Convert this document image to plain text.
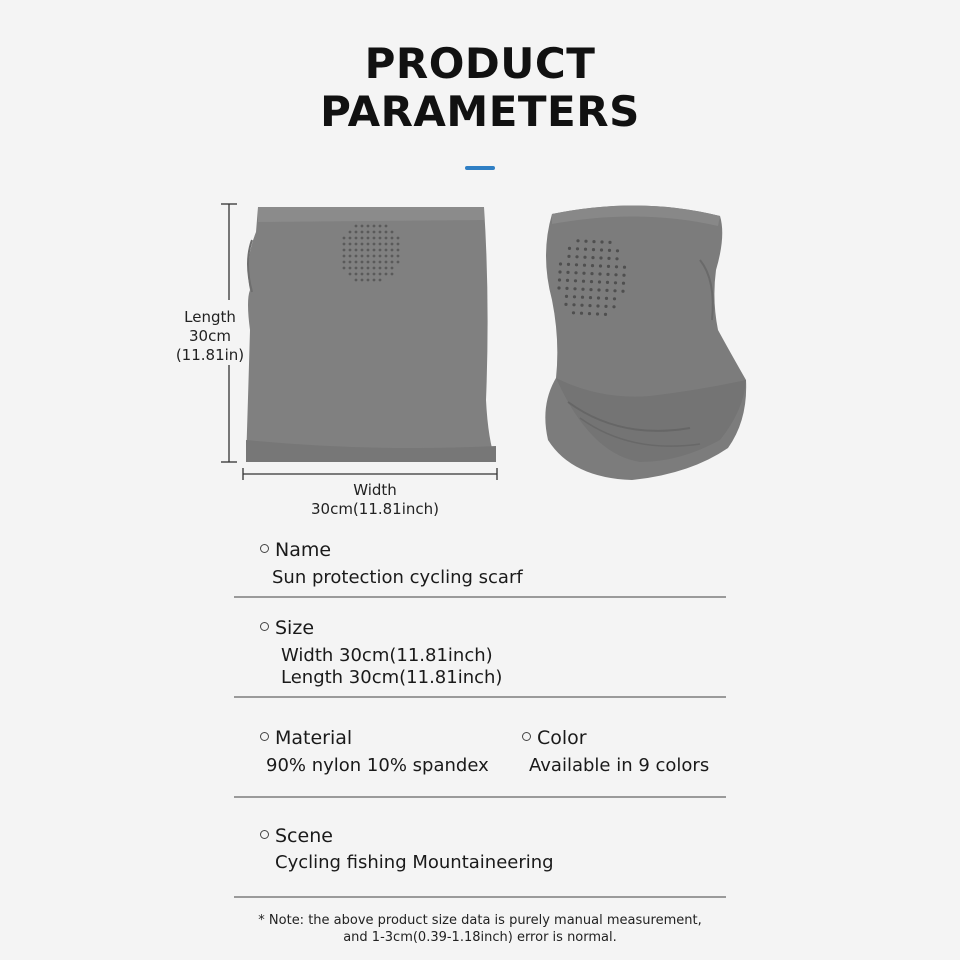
PRODUCT
PARAMETERS
Length
30cm
(11.81in)
Width
30cm(11.81inch)
Name
Sun protection cycling scarf
Size
Width 30cm(11.81inch)
Length 30cm(11.81inch)
Material
90% nylon 10% spandex
Color
Available in 9 colors
Scene
Cycling fishing Mountaineering
* Note: the above product size data is purely manual measurement,
and 1-3cm(0.39-1.18inch) error is normal.
